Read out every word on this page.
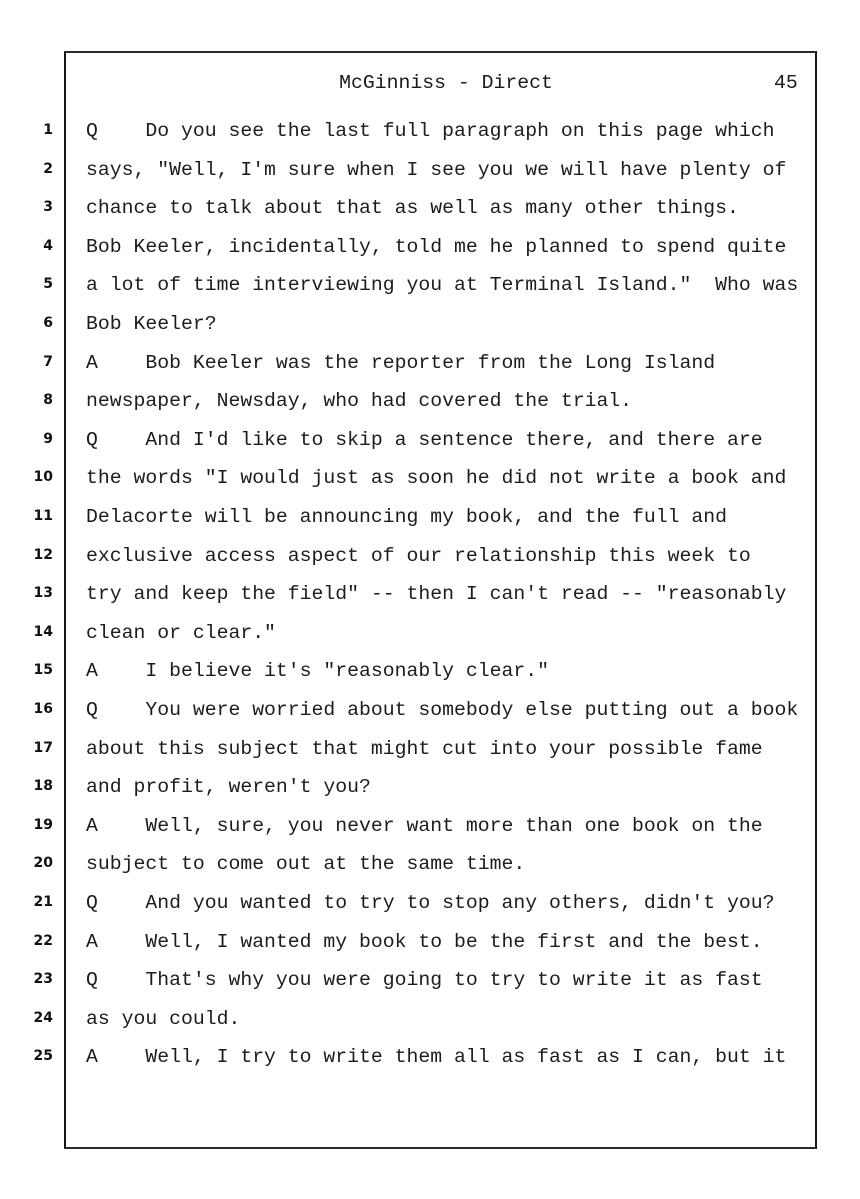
McGinniss - Direct	45
1 Q    Do you see the last full paragraph on this page which
2 says, "Well, I'm sure when I see you we will have plenty of
3 chance to talk about that as well as many other things.
4 Bob Keeler, incidentally, told me he planned to spend quite
5 a lot of time interviewing you at Terminal Island."  Who was
6 Bob Keeler?
7 A    Bob Keeler was the reporter from the Long Island
8 newspaper, Newsday, who had covered the trial.
9 Q    And I'd like to skip a sentence there, and there are
10 the words "I would just as soon he did not write a book and
11 Delacorte will be announcing my book, and the full and
12 exclusive access aspect of our relationship this week to
13 try and keep the field" -- then I can't read -- "reasonably
14 clean or clear."
15 A    I believe it's "reasonably clear."
16 Q    You were worried about somebody else putting out a book
17 about this subject that might cut into your possible fame
18 and profit, weren't you?
19 A    Well, sure, you never want more than one book on the
20 subject to come out at the same time.
21 Q    And you wanted to try to stop any others, didn't you?
22 A    Well, I wanted my book to be the first and the best.
23 Q    That's why you were going to try to write it as fast
24 as you could.
25 A    Well, I try to write them all as fast as I can, but it
